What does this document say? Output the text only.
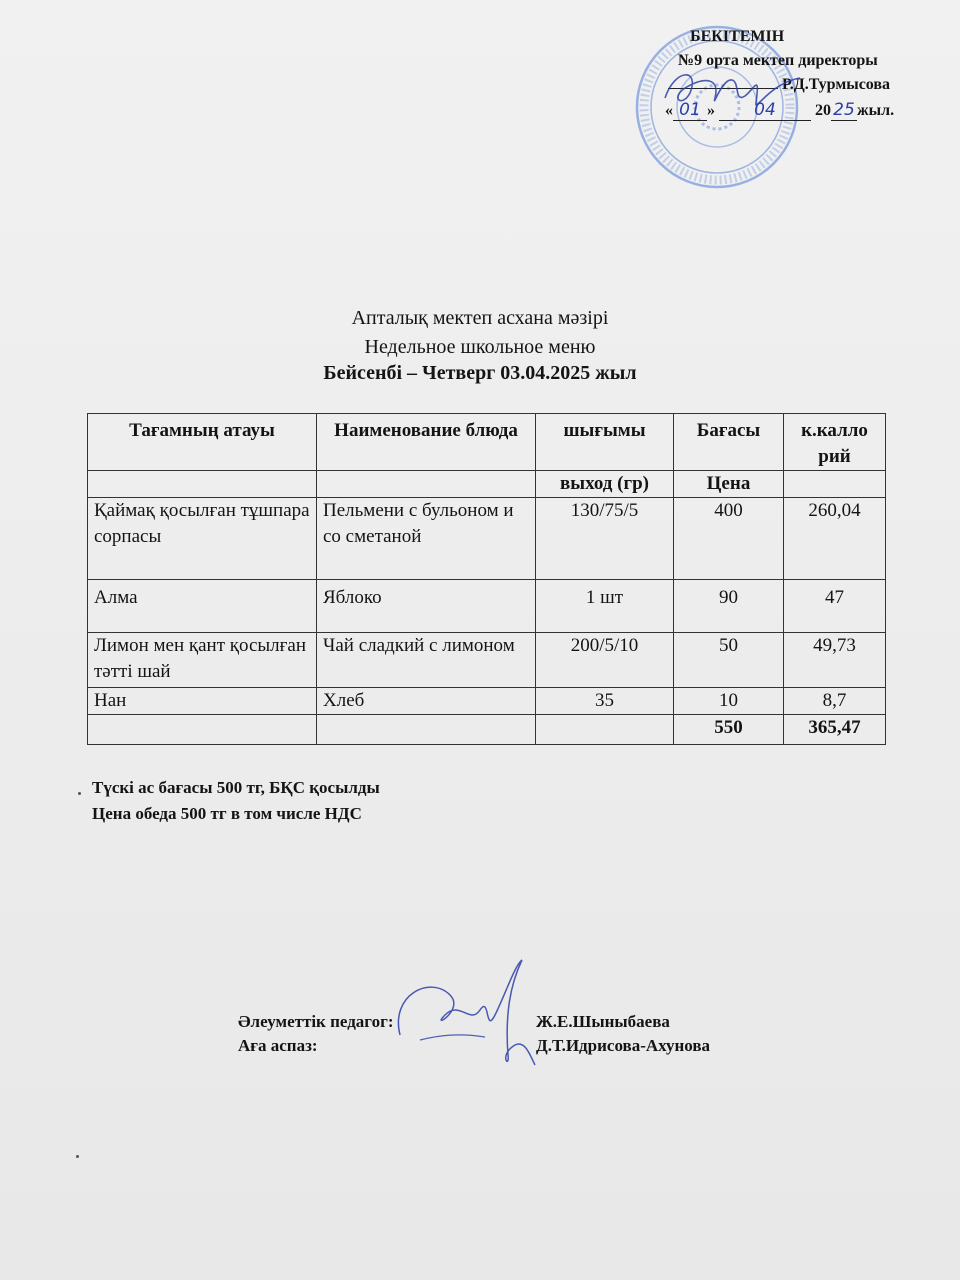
БЕКІТЕМІН
№9 орта мектеп директоры
Р.Д.Турмысова
« 01 » 04 20 25 жыл.
Апталық мектеп асхана мәзірі
Недельное школьное меню
Бейсенбі – Четверг 03.04.2025 жыл
Тағамның атауы	Наименование блюда	шығымы	Бағасы	к.калло рий
		выход (гр)	Цена	
Қаймақ қосылған тұшпара сорпасы	Пельмени с бульоном и со сметаной	130/75/5	400	260,04
Алма	Яблоко	1 шт	90	47
Лимон мен қант қосылған тәтті шай	Чай сладкий с лимоном	200/5/10	50	49,73
Нан	Хлеб	35	10	8,7
			550	365,47
Түскі ас бағасы 500 тг, БҚС қосылды
Цена обеда 500 тг в том числе НДС
Әлеуметтік педагог:	Ж.Е.Шыныбаева
Аға аспаз:	Д.Т.Идрисова-Ахунова
